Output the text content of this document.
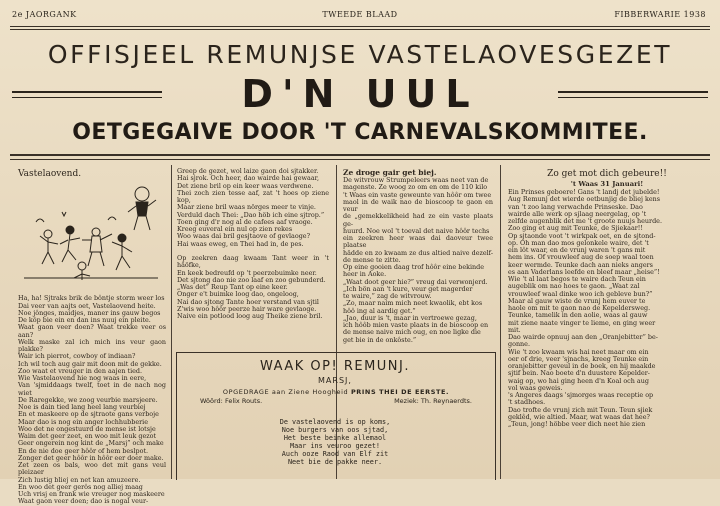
2e JAORGANK	TWEEDE BLAAD	FIBBERWARIE 1938
OFFISJEEL REMUNJSE VASTELAOVESGEZET
D'N UUL
OETGEGAIVE DOOR 'T CARNEVALSKOMMITEE.
Vastelaovend.

Ha, ha! Sjtraks brik de bôntje storm weer los

Dai veer van aajts oet, Vastelaovend heite.

Noe jônges, maidjes, maner ins gauw begos

De kôp bie ein en dan ins nuuj ein pleite.

Waat gaon veer doen? Waat trekke veer os aan?

Welk maske zal ich mich ins veur gaon plakke?

Wair ich pierrot, cowboy of indiaan?

Ich wil toch aug gair mit doon mit de gekke.

Zoo waat et vreuger in den aajen tied.

Wie Vastelaovend hie nog waas in eere,

Van 'sjmiddaags twelf, toet in de nach nog wiet

De Raregekke, we zoog veurbie marsjeere.

Noe is dain tied lang heel lang veurbiej

En et maskeere op de sjtraote gans verboje

Maar dao is nog ein anger lochhubberie

Woo det ne ongestuurd de mense ist lotsje

Waim det geer zeet, en woo mit leuk gezot

Geer ongerein nog kint de „Marsj” och make

En de nie doe geer hôôr of hem beslpot.

Zonger det geer hôôr in hôôr eer doer make.

Zet zeen os bals, woo det mit gans veul pleizaer

Zich lustig bliej en net kan amuzeere.

En woo det geer gerôs nog alliej maag

Uch vrisj en frank wie vreuger nog maskeere

Waat gaon veer doen; dao is nogal veur-

Greep de gezet, wol laize gaon doi sjtakker.

Hai sjrok. Och heer, dao wairde hai gewaar,

Det ziene bril op ein keer waas verdwene.

Thei zoch zien tesse aaf, zat 't hoes op ziene kop,

Maar ziene bril waas nörges meer te vinje.

Verduld dach Thei: „Dao höb ich eine sjtrop.”

Toen ging d'r nog al de cafees aaf vraoge.

Kreeg euveral ein nul op zien rekes

Woo waas dai bril gesjtaove of gevlaoge?

Hai waas eweg, en Thei had in, de pes.

Op zeekren daag kwaam Tant weer in 't häöfke,

En keek bedreufd op 't peerzebuimke neer.

Det sjtong dao nie zoo laaf en zoo gebunderd.

„Was det” Reup Tant op eine keer.

Onger e't buimke loog dao, ongeloog,

Nai dao sjtong Tante hoer verstand van sjtil

Z'wis woo hôôr peerze hair ware gevlaoge.

Naive ein potlood loog aug Theike ziene bril.

Ze droge gair get biej.

De witvrouw Strumpeleers waas neet van de

magenste. Ze woog zo om en om de 110 kilo

't Waas ein vaste geweunte van hôôr om twee

maol in de waik nao de bioscoop te gaon en veur

de „gemekkelikheid had ze ein vaste plaats ge-

huurd. Noe wol 't toeval det naive hôôr techs

ein zeekren heer waas dai daoveur twee plaatse

hädde en zo kwaam ze dus altied naive dezelf-

de mense te zitte.

Op eine gooien daag trof hôôr eine bekinde

heer in Aoke.

„Waat doot geer hie?” vreug dai verwonjerd.

„Ich bön aan 't kure, veur get magerder

te waire,” zag de witvrouw.

„Zo, maar naim mich neet kwaolik, ebt kos

hôô ing al aardig get.”

„Jao, duur is 't, maar in vertroewe gezag,

ich hôôb mien vaste plaats in de bioscoop en

de mense naive mich oug, en noe ligke die

get bie in de onkôste.”

Zo get mot dich gebeure!!
't Waas 31 Januari!

Ein Prinses geboere! Gans 't landj det jubelde!

Aug Remunj det wierde oetbunjig de bliej kens

van 't zoo lang verwachde Prinseske. Dao

wairde alle werk op sjlaag neergelag, op 't

zelfde augenblik det me 't groote nuujs heurde.

Zoo ging et aug mit Teunke, de Sjiekaar!!

Op sjtaonde voot 't wirkpak oet, en de sjtond-

op. Oh man dao mos gelonkele waire, det 't

ein lôt waar, en de vrunj waren 't gans mit

hem ins. Of vrouwleef aug de soep waal toen

keer wermde. Teunke dach aan nieks angers

es aan Vaderlans leefde en bleef maar „heise”!

Wie 't al laat begos te waire dach Teun ein

augeblik om nao hoes te gaon. „Waat zal

vrouwleef waal dinke woo ich gebleve bun?”

Maar al gauw wiste de vrunj hem euver te

haole om mit te gaon nao de Kepeldersweg.

Teunke, tamelik in den aolie, waas al gauw

mit ziene naate vinger te lieme, en ging weer

mit.

Dao wairde opnuuj aan den „Oranjebitter” be-

gonne.

Wie 't zoo kwaam wis hai neet maar om ein

oer of drie, veer 'sjnachs, kreeg Teunke ein

oranjebitter geveul in de boek, en hij maakde

sjtif bein. Nao boete d'n duustere Kepelder-

waig op, wo hai ging heen d'n Koal och aug

vol waas geweis.

's Angeres daags 'sjmorges waas receptie op

't stadhoes.

Dao trofte de vrunj zich mit Teun. Teun sjiek

geklêd, wie altied. Maar, wat waas dat hee?

„Teun, jong! höbbe veer dich neet hie zien

WAAK OP! REMUNJ.
MARSJ,
OPGEDRAGE aan Ziene Hoogheid PRINS THEI DE EERSTE.
Wôôrd: Felix Routs.	Meziek: Th. Reynaerdts.
De vastelaovend is op koms,
Noe burgers van oos sjtad,
Het beste beinke allemaol
Maar ins veuroo gezet!
Auch ooze Raod van Elf zit
Neet bie de pakke neer.
